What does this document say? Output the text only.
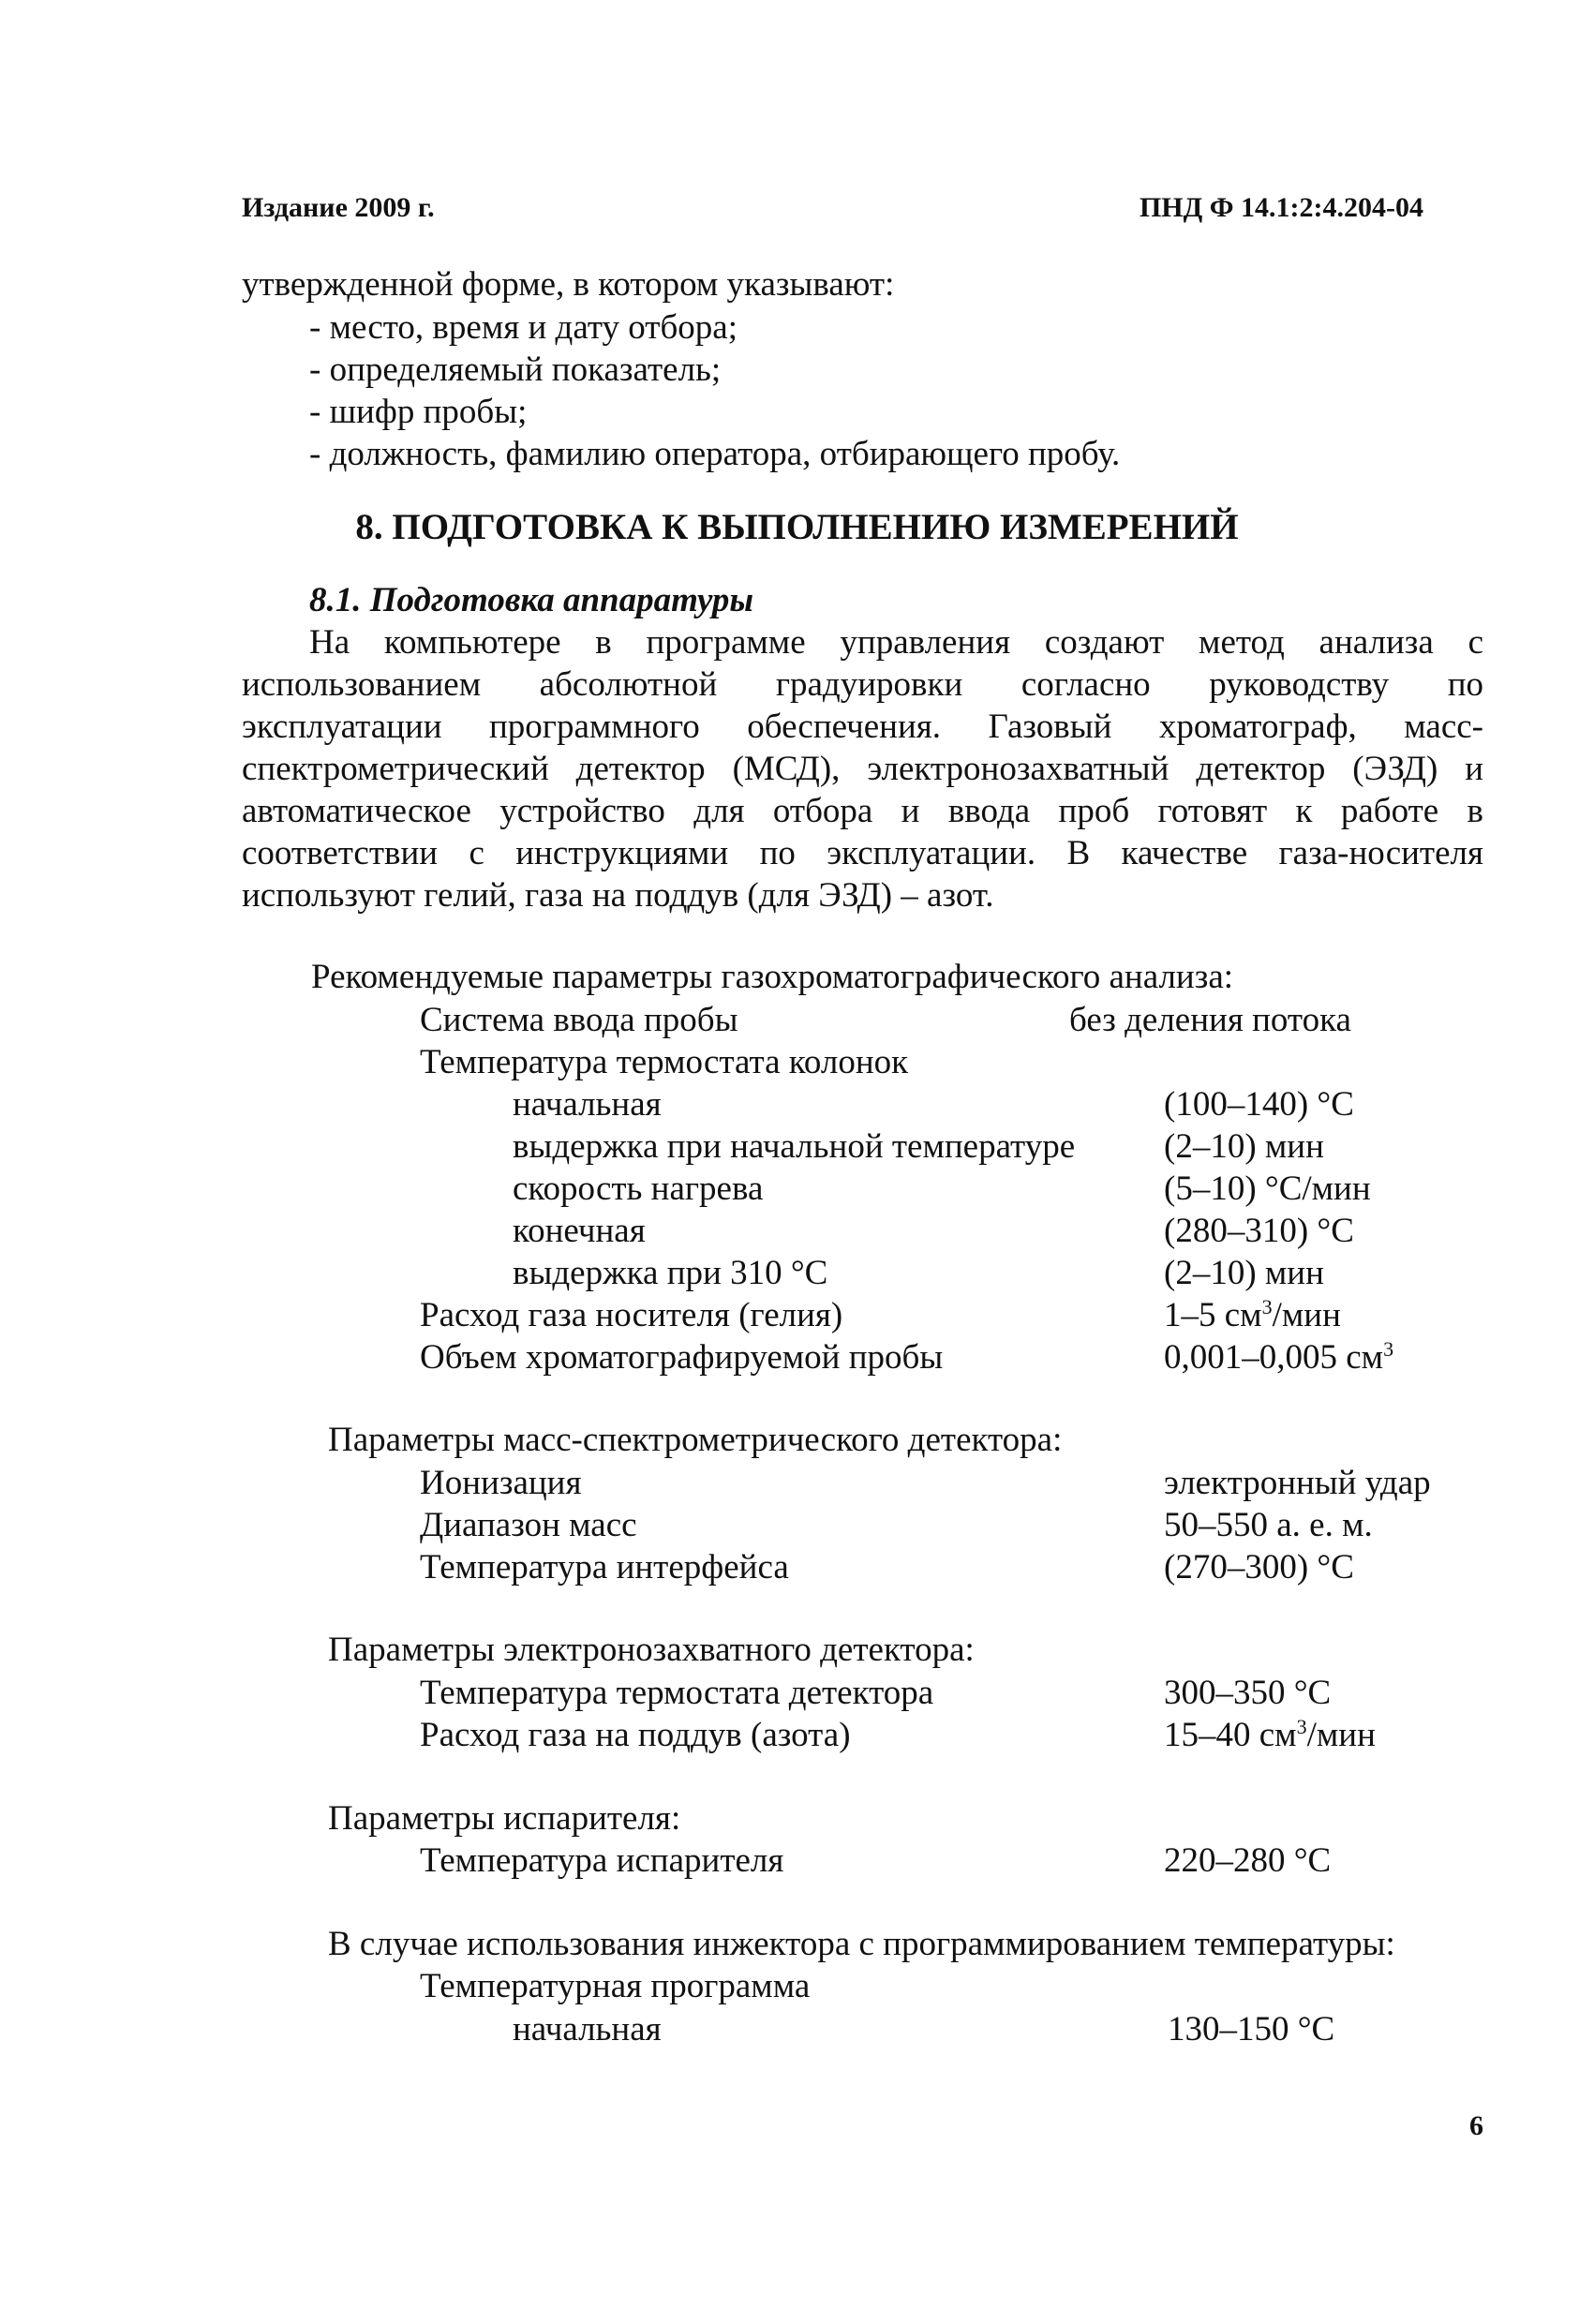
Издание 2009 г.	ПНД Ф 14.1:2:4.204-04
утвержденной форме, в котором указывают:
- место, время и дату отбора;
- определяемый показатель;
- шифр пробы;
- должность, фамилию оператора, отбирающего пробу.
8. ПОДГОТОВКА К ВЫПОЛНЕНИЮ ИЗМЕРЕНИЙ
8.1. Подготовка аппаратуры
На компьютере в программе управления создают метод анализа с
использованием абсолютной градуировки согласно руководству по
эксплуатации программного обеспечения. Газовый хроматограф, масс-
спектрометрический детектор (МСД), электронозахватный детектор (ЭЗД) и
автоматическое устройство для отбора и ввода проб готовят к работе в
соответствии с инструкциями по эксплуатации. В качестве газа-носителя
используют гелий, газа на поддув (для ЭЗД) – азот.
Рекомендуемые параметры газохроматографического анализа:
Система ввода пробы	без деления потока
Температура термостата колонок
начальная	(100–140) °С
выдержка при начальной температуре	(2–10) мин
скорость нагрева	(5–10) °С/мин
конечная	(280–310) °С
выдержка при 310 °С	(2–10) мин
Расход газа носителя (гелия)	1–5 $см^3$/мин
Объем хроматографируемой пробы	0,001–0,005 $см^3$
Параметры масс-спектрометрического детектора:
Ионизация	электронный удар
Диапазон масс	50–550 а. е. м.
Температура интерфейса	(270–300) °С
Параметры электронозахватного детектора:
Температура термостата детектора	300–350 °С
Расход газа на поддув (азота)	15–40 $см^3$/мин
Параметры испарителя:
Температура испарителя	220–280 °С
В случае использования инжектора с программированием температуры:
Температурная программа
начальная	130–150 °С
6
